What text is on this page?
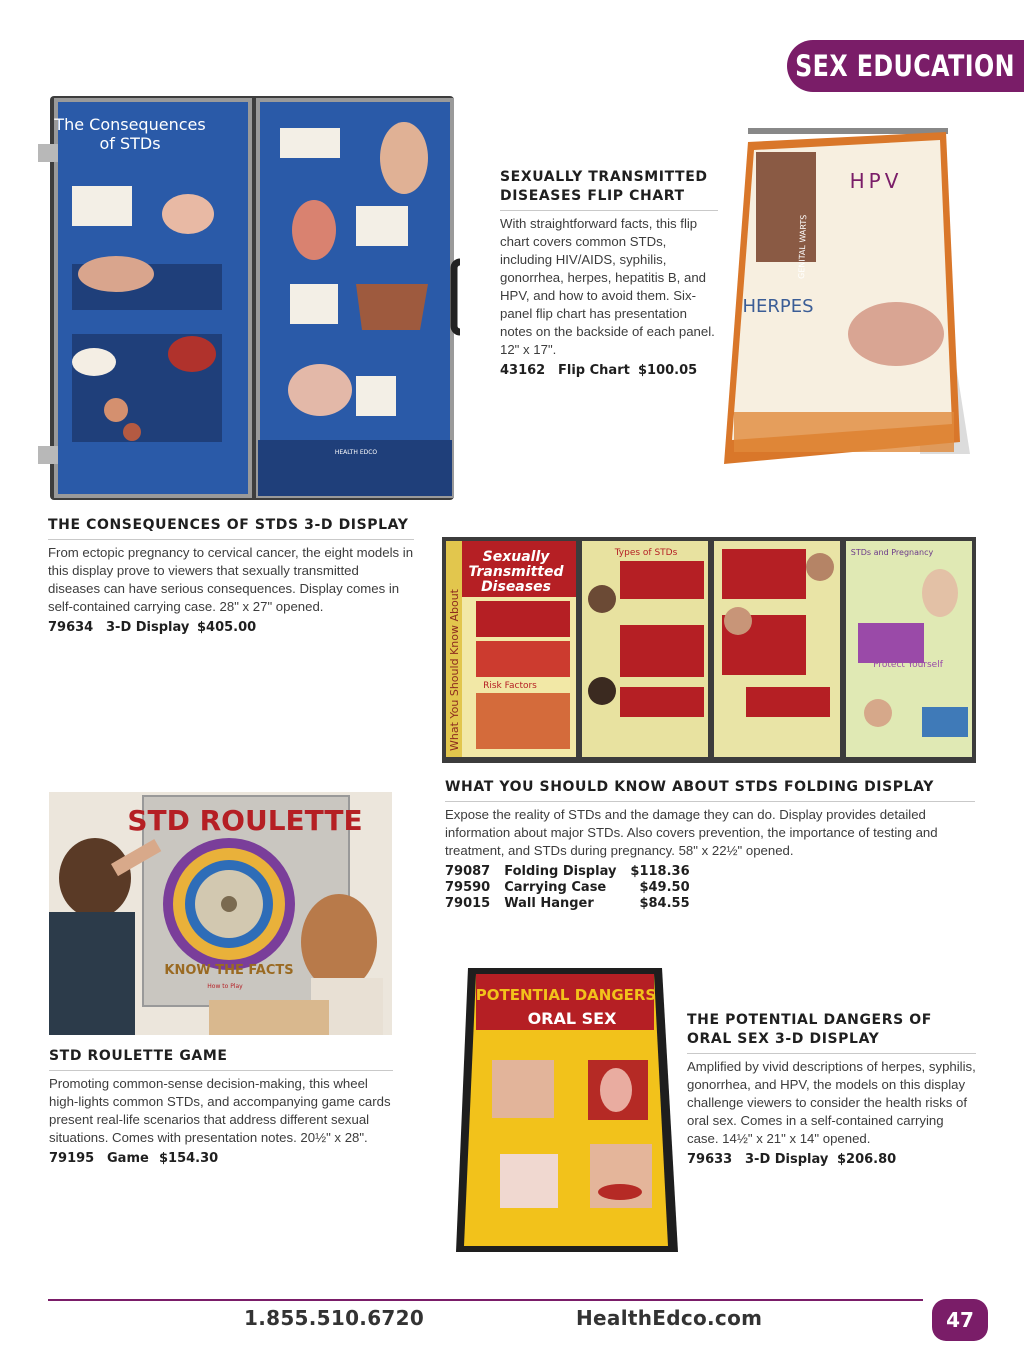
SEX EDUCATION
The Consequences
of STDs
HEALTH EDCO
HPV
HERPES
GENITAL WARTS

SEXUALLY TRANSMITTED
DISEASES FLIP CHART

With straightforward facts, this flip chart covers common STDs, including HIV/AIDS, syphilis, gonorrhea, herpes, hepatitis B, and HPV, and how to avoid them. Six-panel flip chart has presentation notes on the backside of each panel. 12" x 17".

43162 Flip Chart $100.05

THE CONSEQUENCES OF STDS 3-D DISPLAY

From ectopic pregnancy to cervical cancer, the eight models in this display prove to viewers that sexually transmitted diseases can have serious consequences. Display comes in self-contained carrying case. 28" x 27" opened.

79634 3-D Display $405.00	What You Should Know About
Sexually
Transmitted
Diseases
Risk Factors
Types of STDs	STDs and Pregnancy
Protect Yourself

WHAT YOU SHOULD KNOW ABOUT STDS FOLDING DISPLAY

Expose the reality of STDs and the damage they can do. Display provides detailed information about major STDs. Also covers prevention, the importance of testing and treatment, and STDs during pregnancy. 58" x 22½" opened.

79087	Folding Display	$118.36
79590	Carrying Case	$49.50
79015	Wall Hanger	$84.55
STD ROULETTE
KNOW THE FACTS
How to Play

STD ROULETTE GAME

Promoting common-sense decision-making, this wheel high-lights common STDs, and accompanying game cards present real-life scenarios that address different sexual situations. Comes with presentation notes. 20½" x 28".

79195 Game $154.30

POTENTIAL DANGERS
ORAL SEX	THE POTENTIAL DANGERS OF
ORAL SEX 3-D DISPLAY

Amplified by vivid descriptions of herpes, syphilis, gonorrhea, and HPV, the models on this display challenge viewers to consider the health risks of oral sex. Comes in a self-contained carrying case. 14½" x 21" x 14" opened.

79633 3-D Display $206.80

1.855.510.6720	HealthEdco.com	47
